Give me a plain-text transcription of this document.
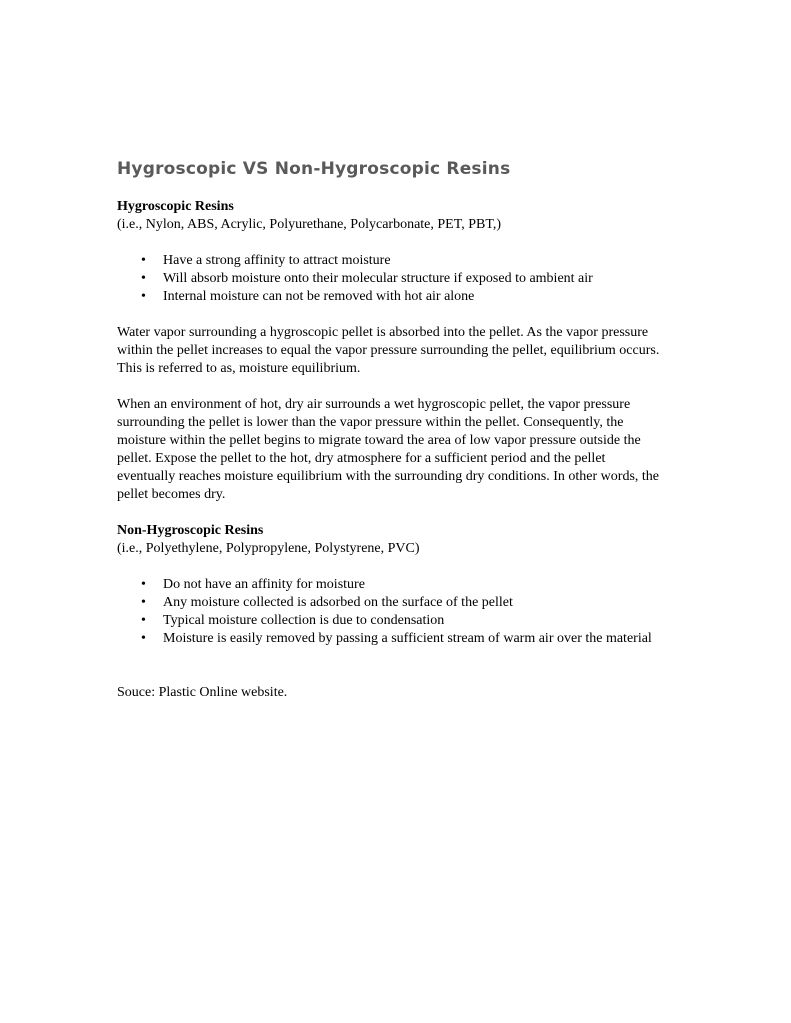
Hygroscopic VS Non-Hygroscopic Resins

Hygroscopic Resins

(i.e., Nylon, ABS, Acrylic, Polyurethane, Polycarbonate, PET, PBT,)

• Have a strong affinity to attract moisture
• Will absorb moisture onto their molecular structure if exposed to ambient air
• Internal moisture can not be removed with hot air alone

Water vapor surrounding a hygroscopic pellet is absorbed into the pellet. As the vapor pressure within the pellet increases to equal the vapor pressure surrounding the pellet, equilibrium occurs. This is referred to as, moisture equilibrium.

When an environment of hot, dry air surrounds a wet hygroscopic pellet, the vapor pressure surrounding the pellet is lower than the vapor pressure within the pellet. Consequently, the moisture within the pellet begins to migrate toward the area of low vapor pressure outside the pellet. Expose the pellet to the hot, dry atmosphere for a sufficient period and the pellet eventually reaches moisture equilibrium with the surrounding dry conditions. In other words, the pellet becomes dry.

Non-Hygroscopic Resins

(i.e., Polyethylene, Polypropylene, Polystyrene, PVC)

• Do not have an affinity for moisture
• Any moisture collected is adsorbed on the surface of the pellet
• Typical moisture collection is due to condensation
• Moisture is easily removed by passing a sufficient stream of warm air over the material

Souce: Plastic Online website.
